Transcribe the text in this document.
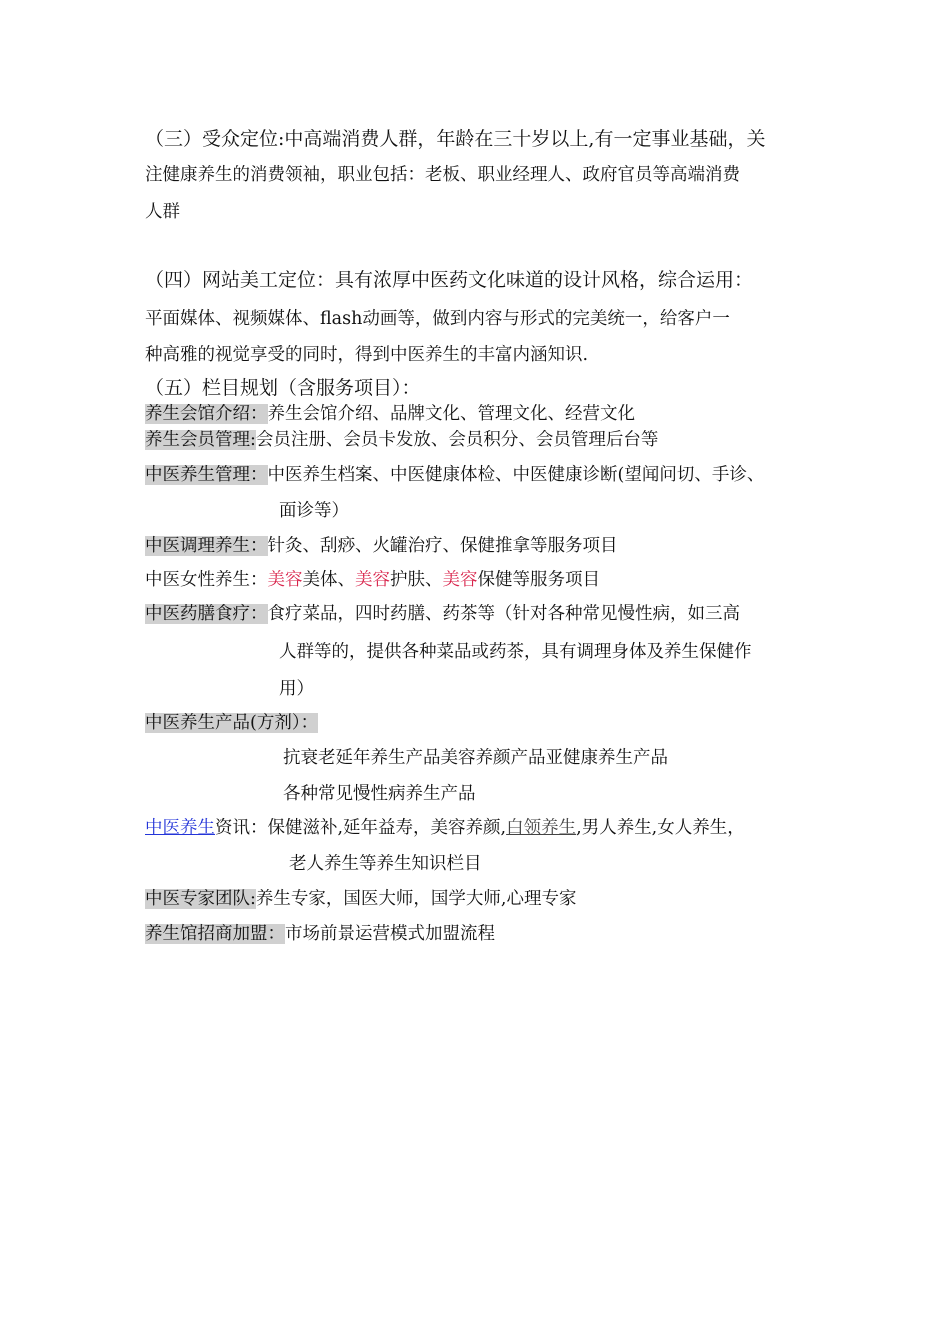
（三）受众定位:中高端消费人群，年龄在三十岁以上,有一定事业基础，关
注健康养生的消费领袖，职业包括：老板、职业经理人、政府官员等高端消费
人群
（四）网站美工定位：具有浓厚中医药文化味道的设计风格，综合运用：
平面媒体、视频媒体、flash动画等，做到内容与形式的完美统一，给客户一
种高雅的视觉享受的同时，得到中医养生的丰富内涵知识.
（五）栏目规划（含服务项目）：
养生会馆介绍：养生会馆介绍、品牌文化、管理文化、经营文化
养生会员管理:会员注册、会员卡发放、会员积分、会员管理后台等
中医养生管理：中医养生档案、中医健康体检、中医健康诊断(望闻问切、手诊、
面诊等）
中医调理养生：针灸、刮痧、火罐治疗、保健推拿等服务项目
中医女性养生：美容美体、美容护肤、美容保健等服务项目
中医药膳食疗：食疗菜品，四时药膳、药茶等（针对各种常见慢性病，如三高
人群等的，提供各种菜品或药茶，具有调理身体及养生保健作
用）
中医养生产品(方剂）：
抗衰老延年养生产品美容养颜产品亚健康养生产品
各种常见慢性病养生产品
中医养生资讯：保健滋补,延年益寿，美容养颜,白领养生,男人养生,女人养生，
老人养生等养生知识栏目
中医专家团队:养生专家，国医大师，国学大师,心理专家
养生馆招商加盟：市场前景运营模式加盟流程
